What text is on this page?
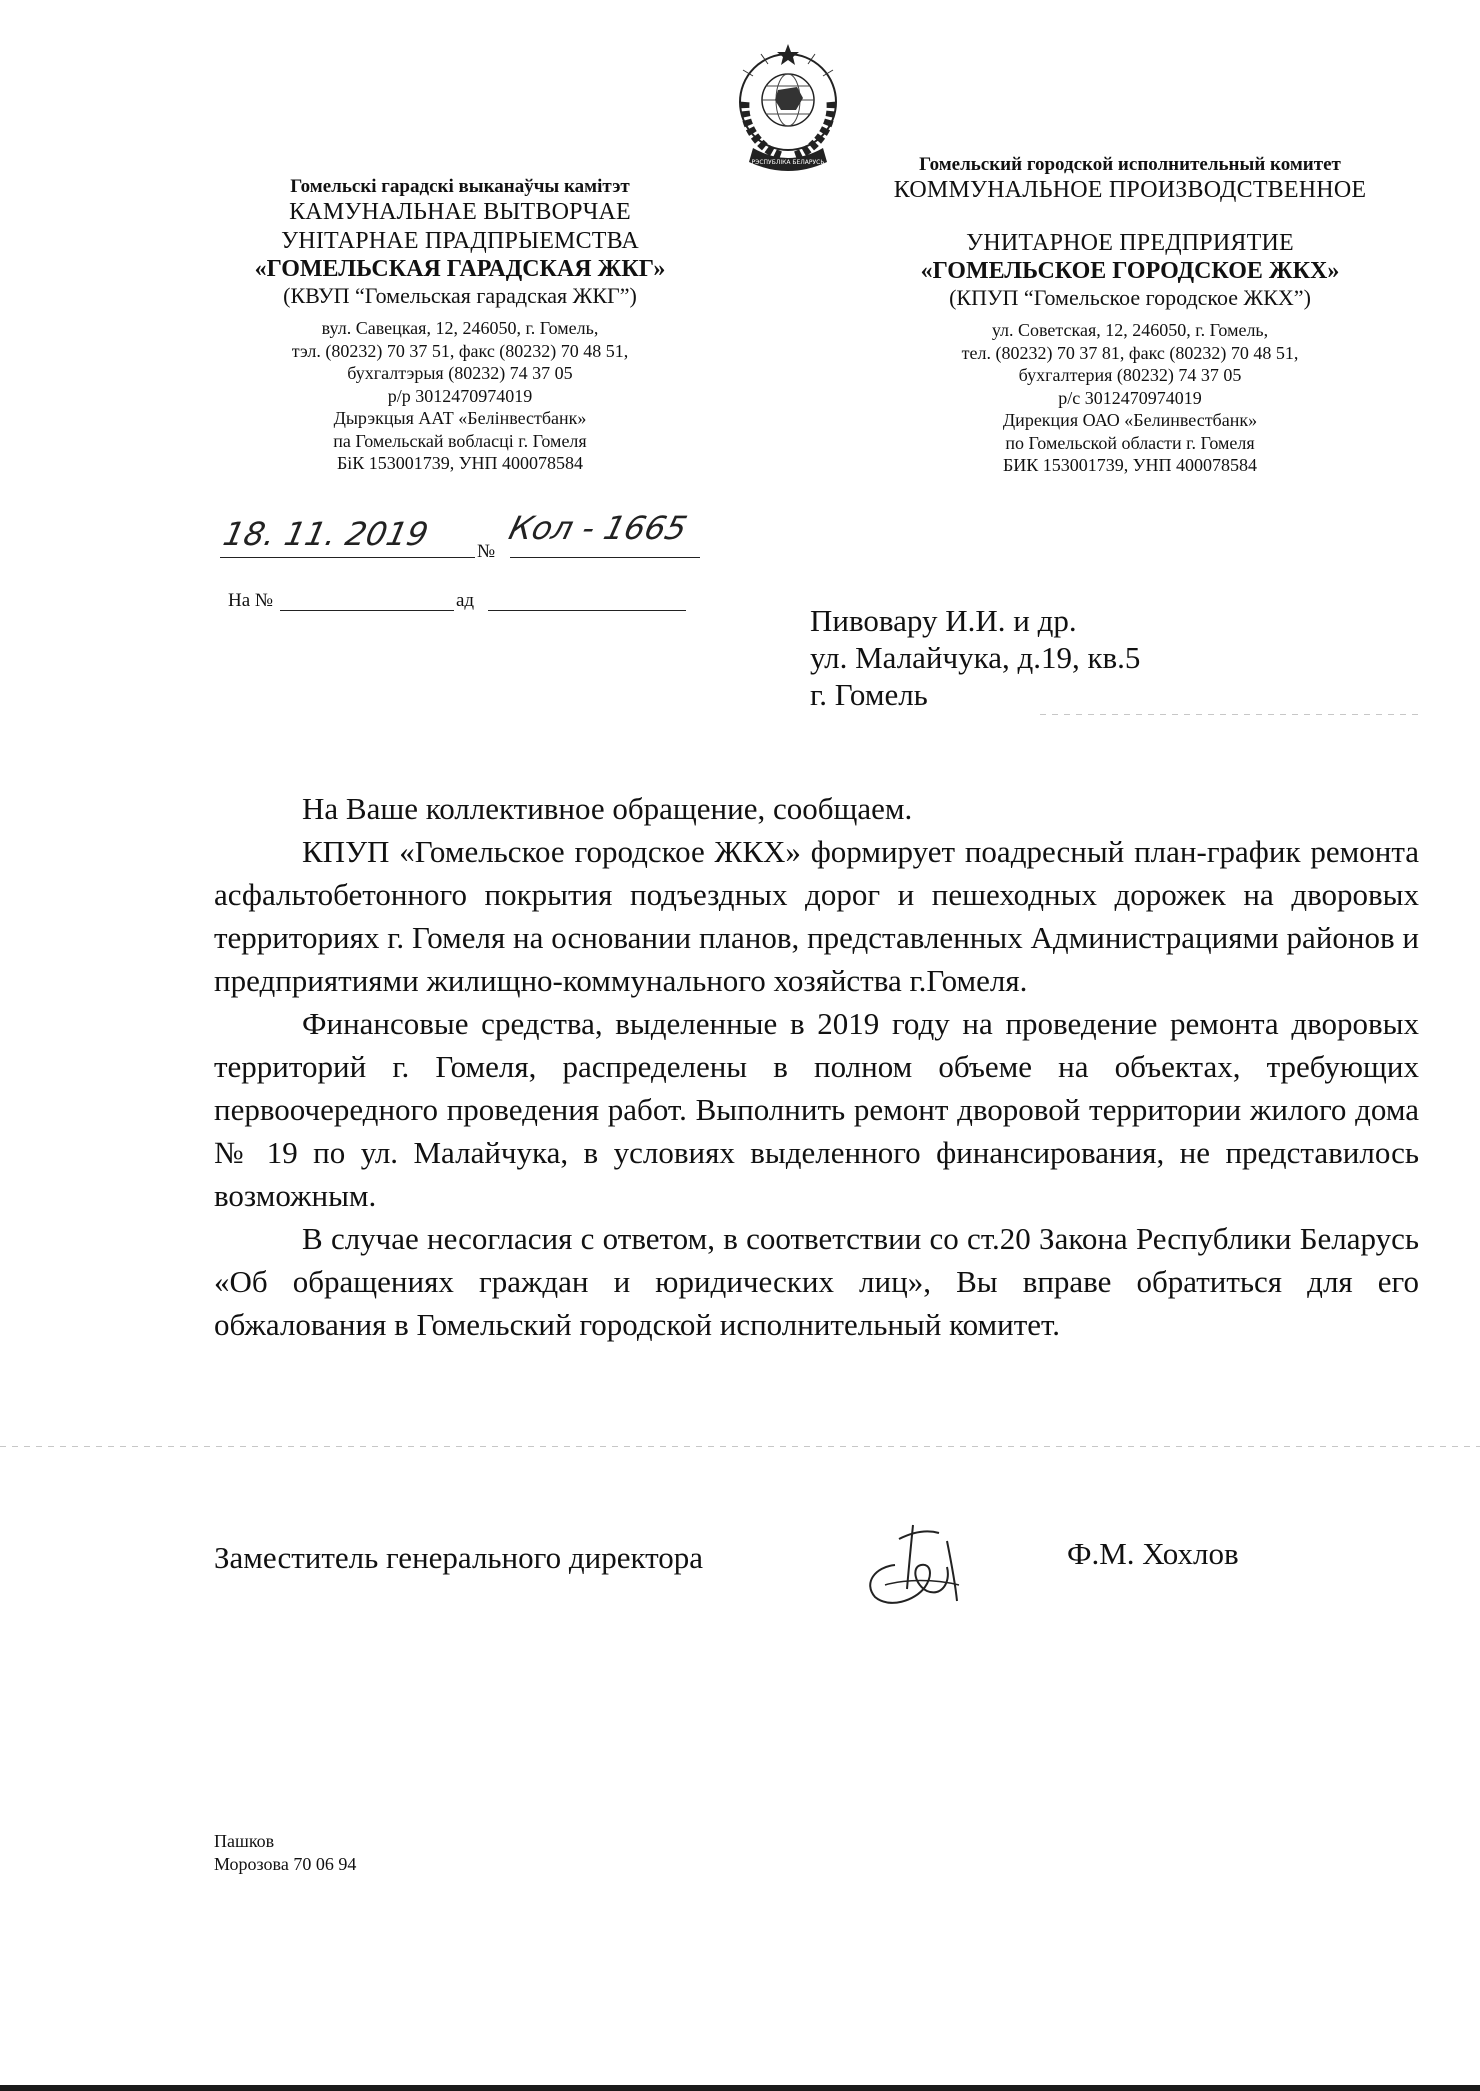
РЭСПУБЛІКА БЕЛАРУСЬ
Гомельскі гарадскі выканаўчы камітэт
КАМУНАЛЬНАЕ ВЫТВОРЧАЕ
УНІТАРНАЕ ПРАДПРЫЕМСТВА
«ГОМЕЛЬСКАЯ ГАРАДСКАЯ ЖКГ»
(КВУП “Гомельская гарадская ЖКГ”)
вул. Савецкая, 12, 246050, г. Гомель,
тэл. (80232) 70 37 51, факс (80232) 70 48 51,
бухгалтэрыя (80232) 74 37 05
р/р 3012470974019
Дырэкцыя ААТ «Белінвестбанк»
па Гомельскай вобласці г. Гомеля
БіК 153001739, УНП 400078584
Гомельский городской исполнительный комитет
КОММУНАЛЬНОЕ ПРОИЗВОДСТВЕННОЕ
УНИТАРНОЕ ПРЕДПРИЯТИЕ
«ГОМЕЛЬСКОЕ ГОРОДСКОЕ ЖКХ»
(КПУП “Гомельское городское ЖКХ”)
ул. Советская, 12, 246050, г. Гомель,
тел. (80232) 70 37 81, факс (80232) 70 48 51,
бухгалтерия (80232) 74 37 05
р/с 3012470974019
Дирекция ОАО «Белинвестбанк»
по Гомельской области г. Гомеля
БИК 153001739, УНП 400078584
18. 11. 2019 №
Кол - 1665
На №	ад
Пивовару И.И. и др.
ул. Малайчука, д.19, кв.5
г. Гомель

На Ваше коллективное обращение, сообщаем.

КПУП «Гомельское городское ЖКХ» формирует поадресный план-график ремонта асфальтобетонного покрытия подъездных дорог и пешеходных дорожек на дворовых территориях г. Гомеля на основании планов, представленных Администрациями районов и предприятиями жилищно-коммунального хозяйства г.Гомеля.

Финансовые средства, выделенные в 2019 году на проведение ремонта дворовых территорий г. Гомеля, распределены в полном объеме на объектах, требующих первоочередного проведения работ. Выполнить ремонт дворовой территории жилого дома № 19 по ул. Малайчука, в условиях выделенного финансирования, не представилось возможным.

В случае несогласия с ответом, в соответствии со ст.20 Закона Республики Беларусь «Об обращениях граждан и юридических лиц», Вы вправе обратиться для его обжалования в Гомельский городской исполнительный комитет.

Заместитель генерального директора	Ф.М. Хохлов
Пашков
Морозова 70 06 94
